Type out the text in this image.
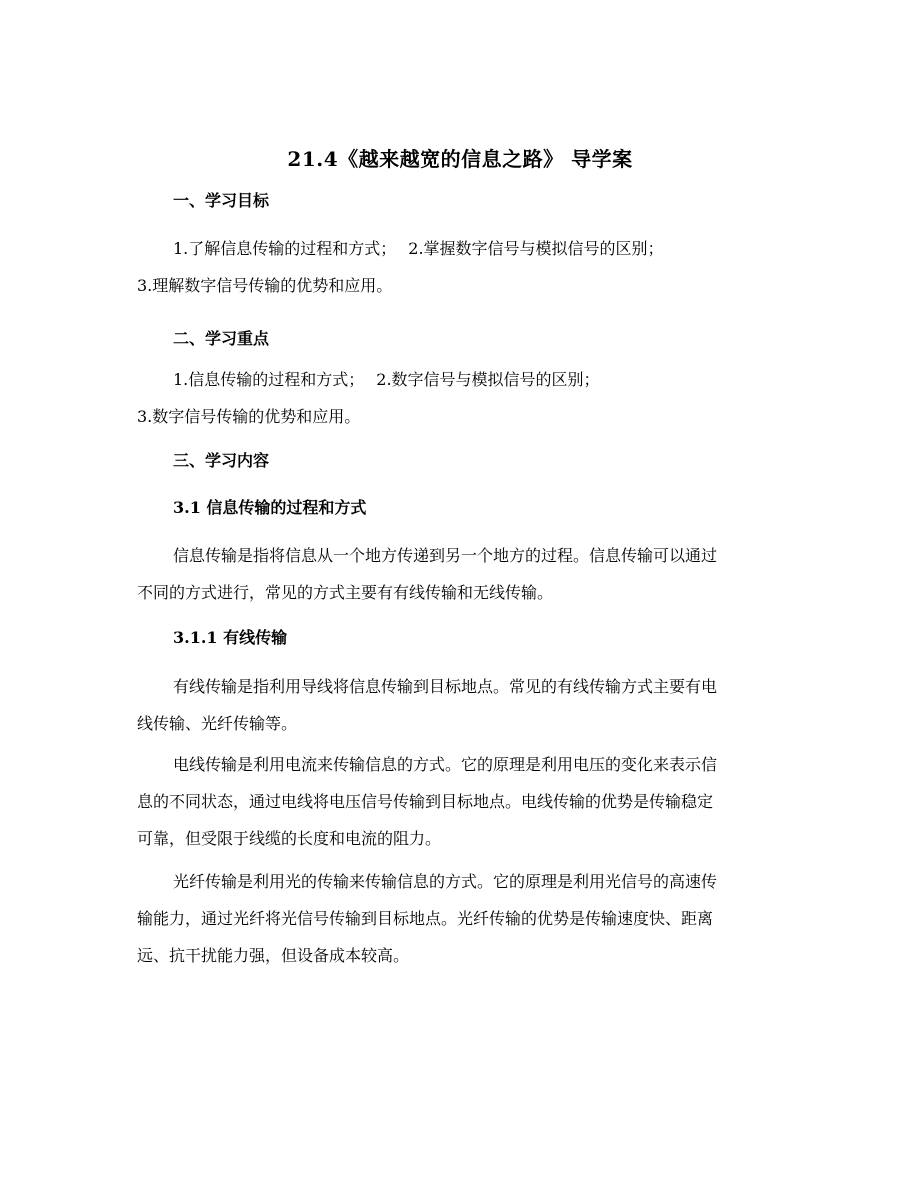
21.4《越来越宽的信息之路》 导学案
一、学习目标
1.了解信息传输的过程和方式； 2.掌握数字信号与模拟信号的区别；
3.理解数字信号传输的优势和应用。
二、学习重点
1.信息传输的过程和方式； 2.数字信号与模拟信号的区别；
3.数字信号传输的优势和应用。
三、学习内容
3.1 信息传输的过程和方式
信息传输是指将信息从一个地方传递到另一个地方的过程。信息传输可以通过
不同的方式进行，常见的方式主要有有线传输和无线传输。
3.1.1 有线传输
有线传输是指利用导线将信息传输到目标地点。常见的有线传输方式主要有电
线传输、光纤传输等。
电线传输是利用电流来传输信息的方式。它的原理是利用电压的变化来表示信
息的不同状态，通过电线将电压信号传输到目标地点。电线传输的优势是传输稳定
可靠，但受限于线缆的长度和电流的阻力。
光纤传输是利用光的传输来传输信息的方式。它的原理是利用光信号的高速传
输能力，通过光纤将光信号传输到目标地点。光纤传输的优势是传输速度快、距离
远、抗干扰能力强，但设备成本较高。
